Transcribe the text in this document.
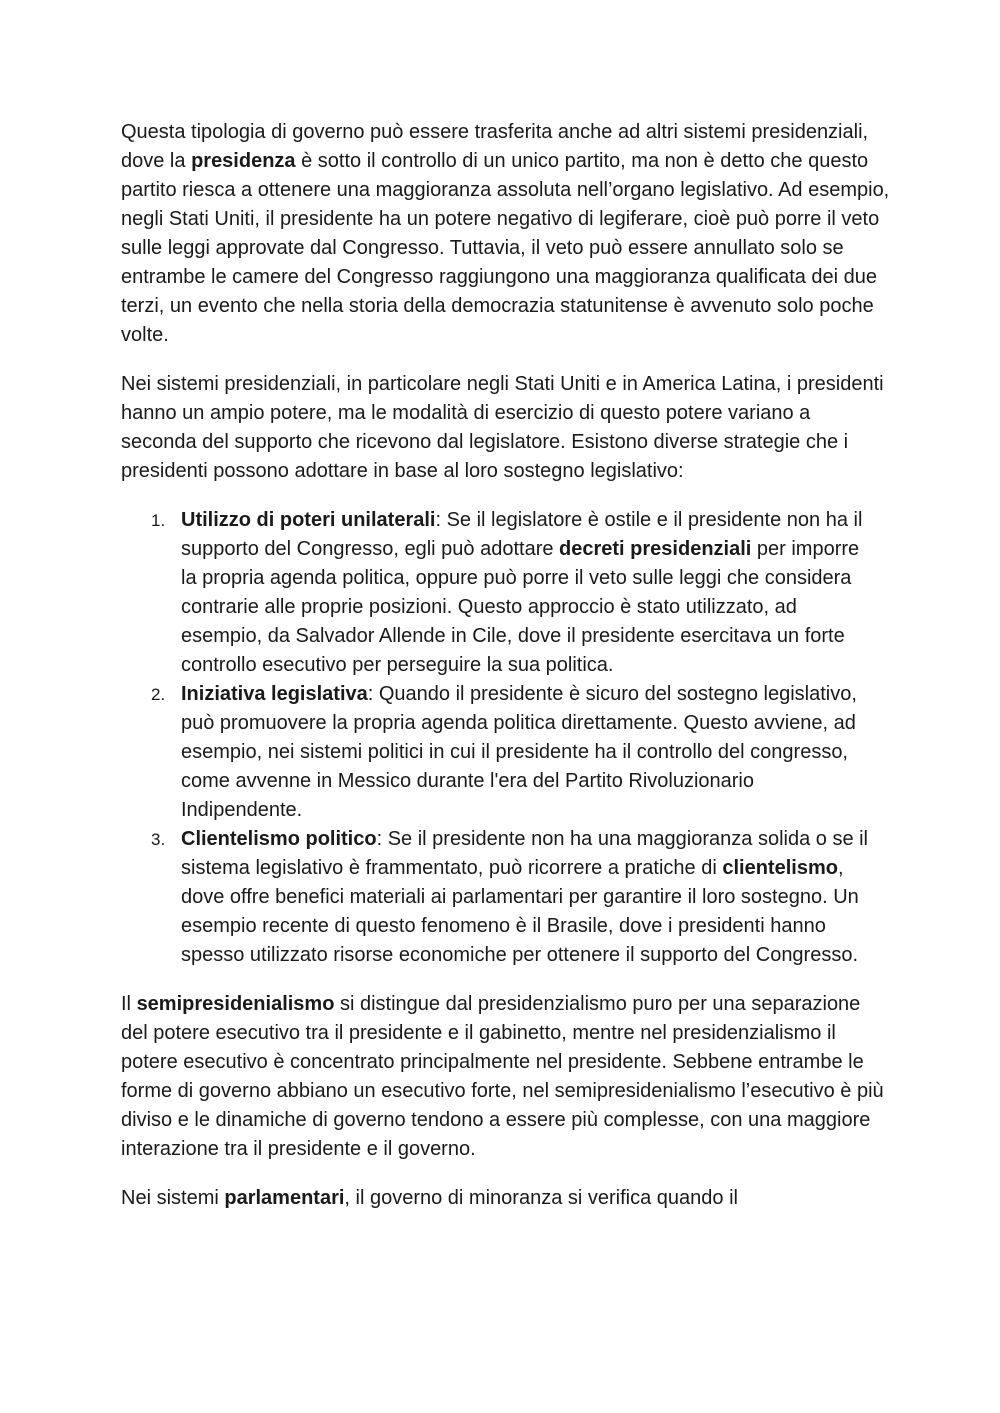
Questa tipologia di governo può essere trasferita anche ad altri sistemi presidenziali, dove la presidenza è sotto il controllo di un unico partito, ma non è detto che questo partito riesca a ottenere una maggioranza assoluta nell’organo legislativo. Ad esempio, negli Stati Uniti, il presidente ha un potere negativo di legiferare, cioè può porre il veto sulle leggi approvate dal Congresso. Tuttavia, il veto può essere annullato solo se entrambe le camere del Congresso raggiungono una maggioranza qualificata dei due terzi, un evento che nella storia della democrazia statunitense è avvenuto solo poche volte.

Nei sistemi presidenziali, in particolare negli Stati Uniti e in America Latina, i presidenti hanno un ampio potere, ma le modalità di esercizio di questo potere variano a seconda del supporto che ricevono dal legislatore. Esistono diverse strategie che i presidenti possono adottare in base al loro sostegno legislativo:

1. Utilizzo di poteri unilaterali: Se il legislatore è ostile e il presidente non ha il supporto del Congresso, egli può adottare decreti presidenziali per imporre la propria agenda politica, oppure può porre il veto sulle leggi che considera contrarie alle proprie posizioni. Questo approccio è stato utilizzato, ad esempio, da Salvador Allende in Cile, dove il presidente esercitava un forte controllo esecutivo per perseguire la sua politica.
2. Iniziativa legislativa: Quando il presidente è sicuro del sostegno legislativo, può promuovere la propria agenda politica direttamente. Questo avviene, ad esempio, nei sistemi politici in cui il presidente ha il controllo del congresso, come avvenne in Messico durante l'era del Partito Rivoluzionario Indipendente.
3. Clientelismo politico: Se il presidente non ha una maggioranza solida o se il sistema legislativo è frammentato, può ricorrere a pratiche di clientelismo, dove offre benefici materiali ai parlamentari per garantire il loro sostegno. Un esempio recente di questo fenomeno è il Brasile, dove i presidenti hanno spesso utilizzato risorse economiche per ottenere il supporto del Congresso.

Il semipresidenialismo si distingue dal presidenzialismo puro per una separazione del potere esecutivo tra il presidente e il gabinetto, mentre nel presidenzialismo il potere esecutivo è concentrato principalmente nel presidente. Sebbene entrambe le forme di governo abbiano un esecutivo forte, nel semipresidenialismo l’esecutivo è più diviso e le dinamiche di governo tendono a essere più complesse, con una maggiore interazione tra il presidente e il governo.

Nei sistemi parlamentari, il governo di minoranza si verifica quando il
